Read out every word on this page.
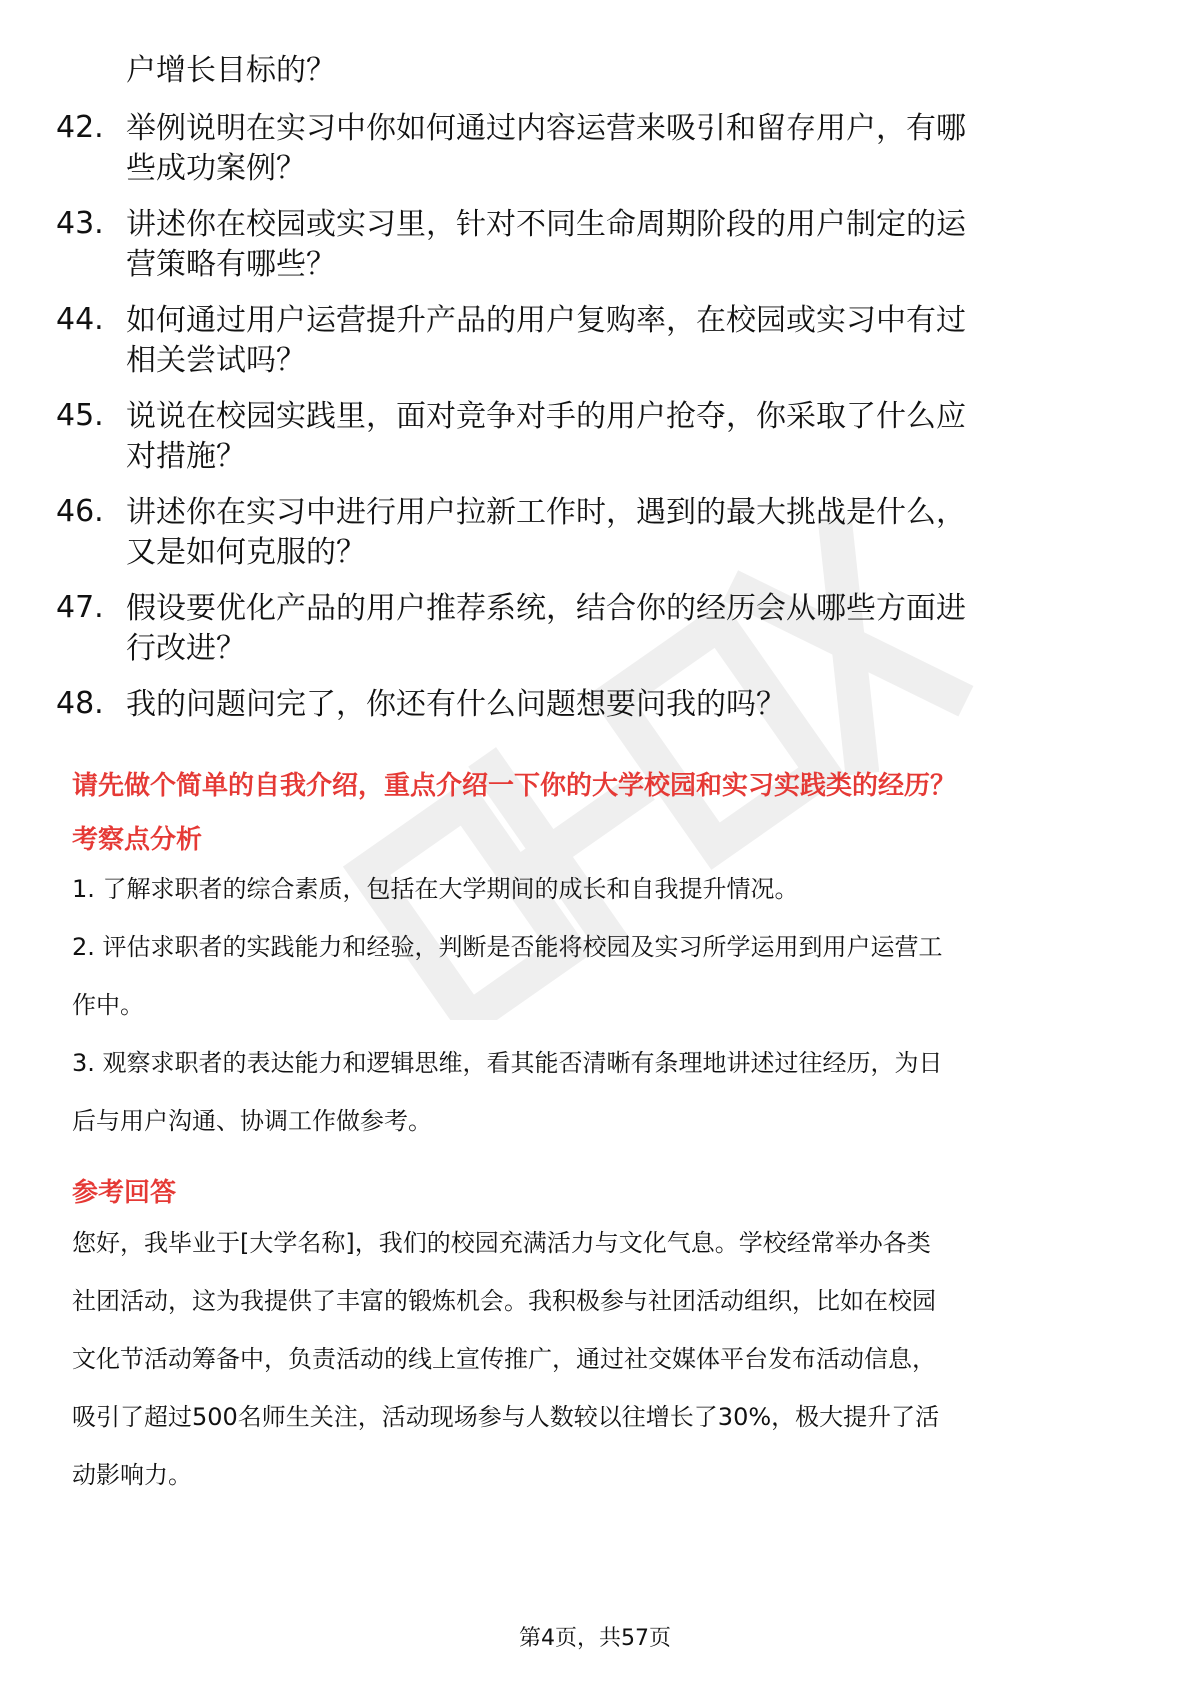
户增长目标的？
42. 举例说明在实习中你如何通过内容运营来吸引和留存用户，有哪
些成功案例？
43. 讲述你在校园或实习里，针对不同生命周期阶段的用户制定的运
营策略有哪些？
44. 如何通过用户运营提升产品的用户复购率，在校园或实习中有过
相关尝试吗？
45. 说说在校园实践里，面对竞争对手的用户抢夺，你采取了什么应
对措施？
46. 讲述你在实习中进行用户拉新工作时，遇到的最大挑战是什么，
又是如何克服的？
47. 假设要优化产品的用户推荐系统，结合你的经历会从哪些方面进
行改进？
48. 我的问题问完了，你还有什么问题想要问我的吗？
请先做个简单的自我介绍，重点介绍一下你的大学校园和实习实践类的经历？
考察点分析
1. 了解求职者的综合素质，包括在大学期间的成长和自我提升情况。
2. 评估求职者的实践能力和经验，判断是否能将校园及实习所学运用到用户运营工
作中。
3. 观察求职者的表达能力和逻辑思维，看其能否清晰有条理地讲述过往经历，为日
后与用户沟通、协调工作做参考。
参考回答
您好，我毕业于[大学名称]，我们的校园充满活力与文化气息。学校经常举办各类
社团活动，这为我提供了丰富的锻炼机会。我积极参与社团活动组织，比如在校园
文化节活动筹备中，负责活动的线上宣传推广，通过社交媒体平台发布活动信息，
吸引了超过500名师生关注，活动现场参与人数较以往增长了30%，极大提升了活
动影响力。
第4页，共57页
